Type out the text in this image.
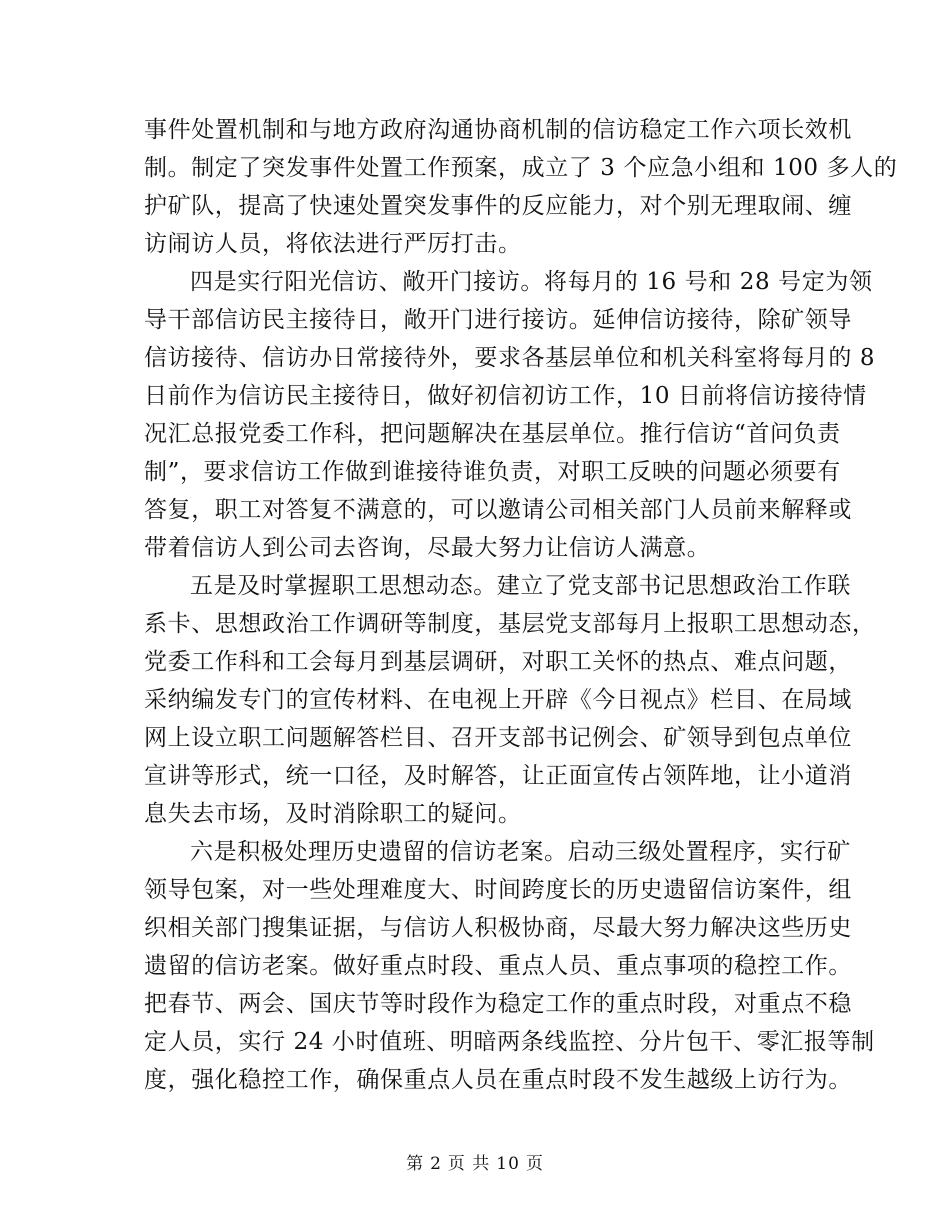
事件处置机制和与地方政府沟通协商机制的信访稳定工作六项长效机
制。制定了突发事件处置工作预案，成立了 3 个应急小组和 100 多人的
护矿队，提高了快速处置突发事件的反应能力，对个别无理取闹、缠
访闹访人员，将依法进行严厉打击。
四是实行阳光信访、敞开门接访。将每月的 16 号和 28 号定为领
导干部信访民主接待日，敞开门进行接访。延伸信访接待，除矿领导
信访接待、信访办日常接待外，要求各基层单位和机关科室将每月的 8
日前作为信访民主接待日，做好初信初访工作，10 日前将信访接待情
况汇总报党委工作科，把问题解决在基层单位。推行信访“首问负责
制”，要求信访工作做到谁接待谁负责，对职工反映的问题必须要有
答复，职工对答复不满意的，可以邀请公司相关部门人员前来解释或
带着信访人到公司去咨询，尽最大努力让信访人满意。
五是及时掌握职工思想动态。建立了党支部书记思想政治工作联
系卡、思想政治工作调研等制度，基层党支部每月上报职工思想动态，
党委工作科和工会每月到基层调研，对职工关怀的热点、难点问题，
采纳编发专门的宣传材料、在电视上开辟《今日视点》栏目、在局域
网上设立职工问题解答栏目、召开支部书记例会、矿领导到包点单位
宣讲等形式，统一口径，及时解答，让正面宣传占领阵地，让小道消
息失去市场，及时消除职工的疑问。
六是积极处理历史遗留的信访老案。启动三级处置程序，实行矿
领导包案，对一些处理难度大、时间跨度长的历史遗留信访案件，组
织相关部门搜集证据，与信访人积极协商，尽最大努力解决这些历史
遗留的信访老案。做好重点时段、重点人员、重点事项的稳控工作。
把春节、两会、国庆节等时段作为稳定工作的重点时段，对重点不稳
定人员，实行 24 小时值班、明暗两条线监控、分片包干、零汇报等制
度，强化稳控工作，确保重点人员在重点时段不发生越级上访行为。
第 2 页 共 10 页
